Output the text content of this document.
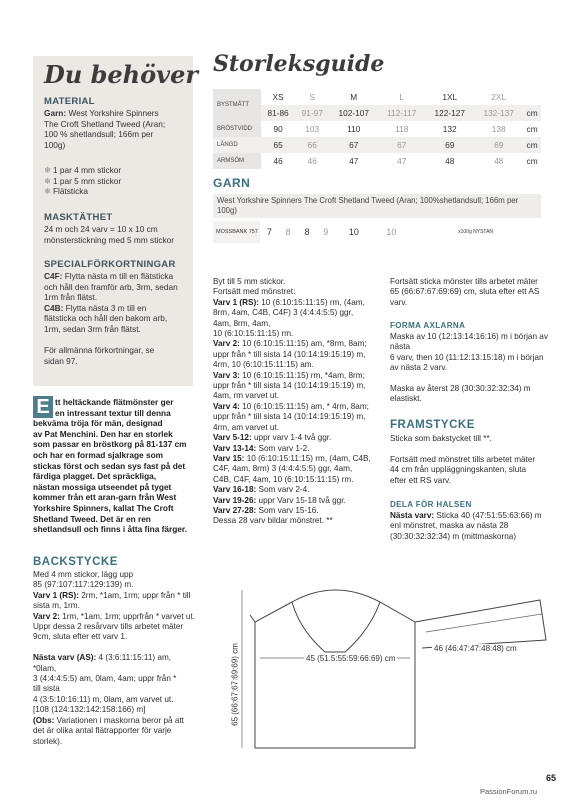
Du behöver
MATERIAL
Garn: West Yorkshire Spinners
The Croft Shetland Tweed (Aran;
100 % shetlandsull; 166m per
100g)
❄ 1 par 4 mm stickor
❄ 1 par 5 mm stickor
❄ Flätsticka
MASKTÄTHET
24 m och 24 varv = 10 x 10 cm
mönsterstickning med 5 mm stickor
SPECIALFÖRKORTNINGAR
C4F: Flytta nästa m till en flätsticka
och håll den framför arb, 3rm, sedan
1rm från flätst.
C4B: Flytta nästa 3 m till en
flätsticka och håll den bakom arb,
1rm, sedan 3rm från flätst.

För allmänna förkortningar, se
sidan 97.
Storleksguide
BYSTMÅTT	XS	S	M	L	1XL	2XL	
	81-86	91-97	102-107	112-117	122-127	132-137	cm
BRÖSTVIDD	90	103	110	118	132	138	cm
LÄNGD	65	66	67	67	69	69	cm
ARMSÖM	46	46	47	47	48	48	cm
GARN
West Yorkshire Spinners The Croft Shetland Tweed (Aran; 100%shetlandsull; 166m per 100g)
MOSSBANK 757	7	8	8	9	10	10	x100g NYSTAN
E tt heltäckande flätmönster ger
en intressant textur till denna
bekväma tröja för män, designad
av Pat Menchini. Den har en storlek
som passar en bröstkorg på 81-137 cm
och har en formad sjalkrage som
stickas först och sedan sys fast på det
färdiga plagget. Det spräckliga,
nästan mossiga utseendet på tyget
kommer från ett aran-garn från West
Yorkshire Spinners, kallat The Croft
Shetland Tweed. Det är en ren
shetlandsull och finns i åtta fina färger.
BACKSTYCKE
Med 4 mm stickor, lägg upp
85 (97:107:117:129:139) m.
Varv 1 (RS): 2rm, *1am, 1rm; uppr från * till
sista m, 1rm.
Varv 2: 1rm, *1am, 1rm; upprfrån * varvet ut.
Uppr dessa 2 resårvarv tills arbetet mäter
9cm, sluta efter ett varv 1.

Nästa varv (AS): 4 (3:6:11:15:11) am,
*0lam,
3 (4:4:4:5:5) am, 0lam, 4am; uppr från *
till sista
4 (3:5:10:16:11) m, 0lam, am varvet ut.
[108 (124:132:142:158:166) m]
(Obs: Variationen i maskorna beror på att
det är olika antal flätrapporter för varje
storlek).
Byt till 5 mm stickor.
Fortsätt med mönstret:
Varv 1 (RS): 10 (6:10:15:11:15) rm, (4am,
8rm, 4am, C4B, C4F) 3 (4:4:4:5:5) ggr,
4am, 8rm, 4am,
10 (6:10:15:11:15) rm.
Varv 2: 10 (6:10:15:11:15) am, *8rm, 8am;
uppr från * till sista 14 (10:14:19:15:19) m,
4rm, 10 (6:10:15:11:15) am.
Varv 3: 10 (6:10:15:11:15) rm, *4am, 8rm;
uppr från * till sista 14 (10:14:19:15:19) m,
4am, rm varvet ut.
Varv 4: 10 (6:10:15:11:15) am, * 4rm, 8am;
uppr från * till sista 14 (10:14:19:15:19) m,
4rm, am varvet ut.
Varv 5-12: uppr varv 1-4 två ggr.
Varv 13-14: Som varv 1-2.
Varv 15: 10 (6:10:15:11:15) rm, (4am, C4B,
C4F, 4am, 8rm) 3 (4:4:4:5:5) ggr, 4am,
C4B, C4F, 4am, 10 (6:10:15:11:15) rm.
Varv 16-18: Som varv 2-4.
Varv 19-26: uppr Varv 15-18 två ggr.
Varv 27-28: Som varv 15-16.
Dessa 28 varv bildar mönstret. **
Fortsätt sticka mönster tills arbetet mäter
65 (66:67:67:69:69) cm, sluta efter ett AS
varv.
FORMA AXLARNA
Maska av 10 (12:13:14:16:16) m i början av
nästa
6 varv, then 10 (11:12:13:15:18) m i början
av nästa 2 varv.

Maska av återst 28 (30:30:32:32:34) m
elastiskt.
FRAMSTYCKE
Sticka som bakstycket till **.

Fortsätt med mönstret tills arbetet mäter
44 cm från uppläggningskanten, sluta
efter ett RS varv.
DELA FÖR HALSEN
Nästa varv: Sticka 40 (47:51:55:63:66) m
enl mönstret, maska av nästa 28
(30:30:32:32:34) m (mittmaskorna)
46 (46:47:47:48:48) cm
45 (51.5:55:59:66:69) cm
65 (66:67:67:69:69) cm
65
PassionForum.ru
